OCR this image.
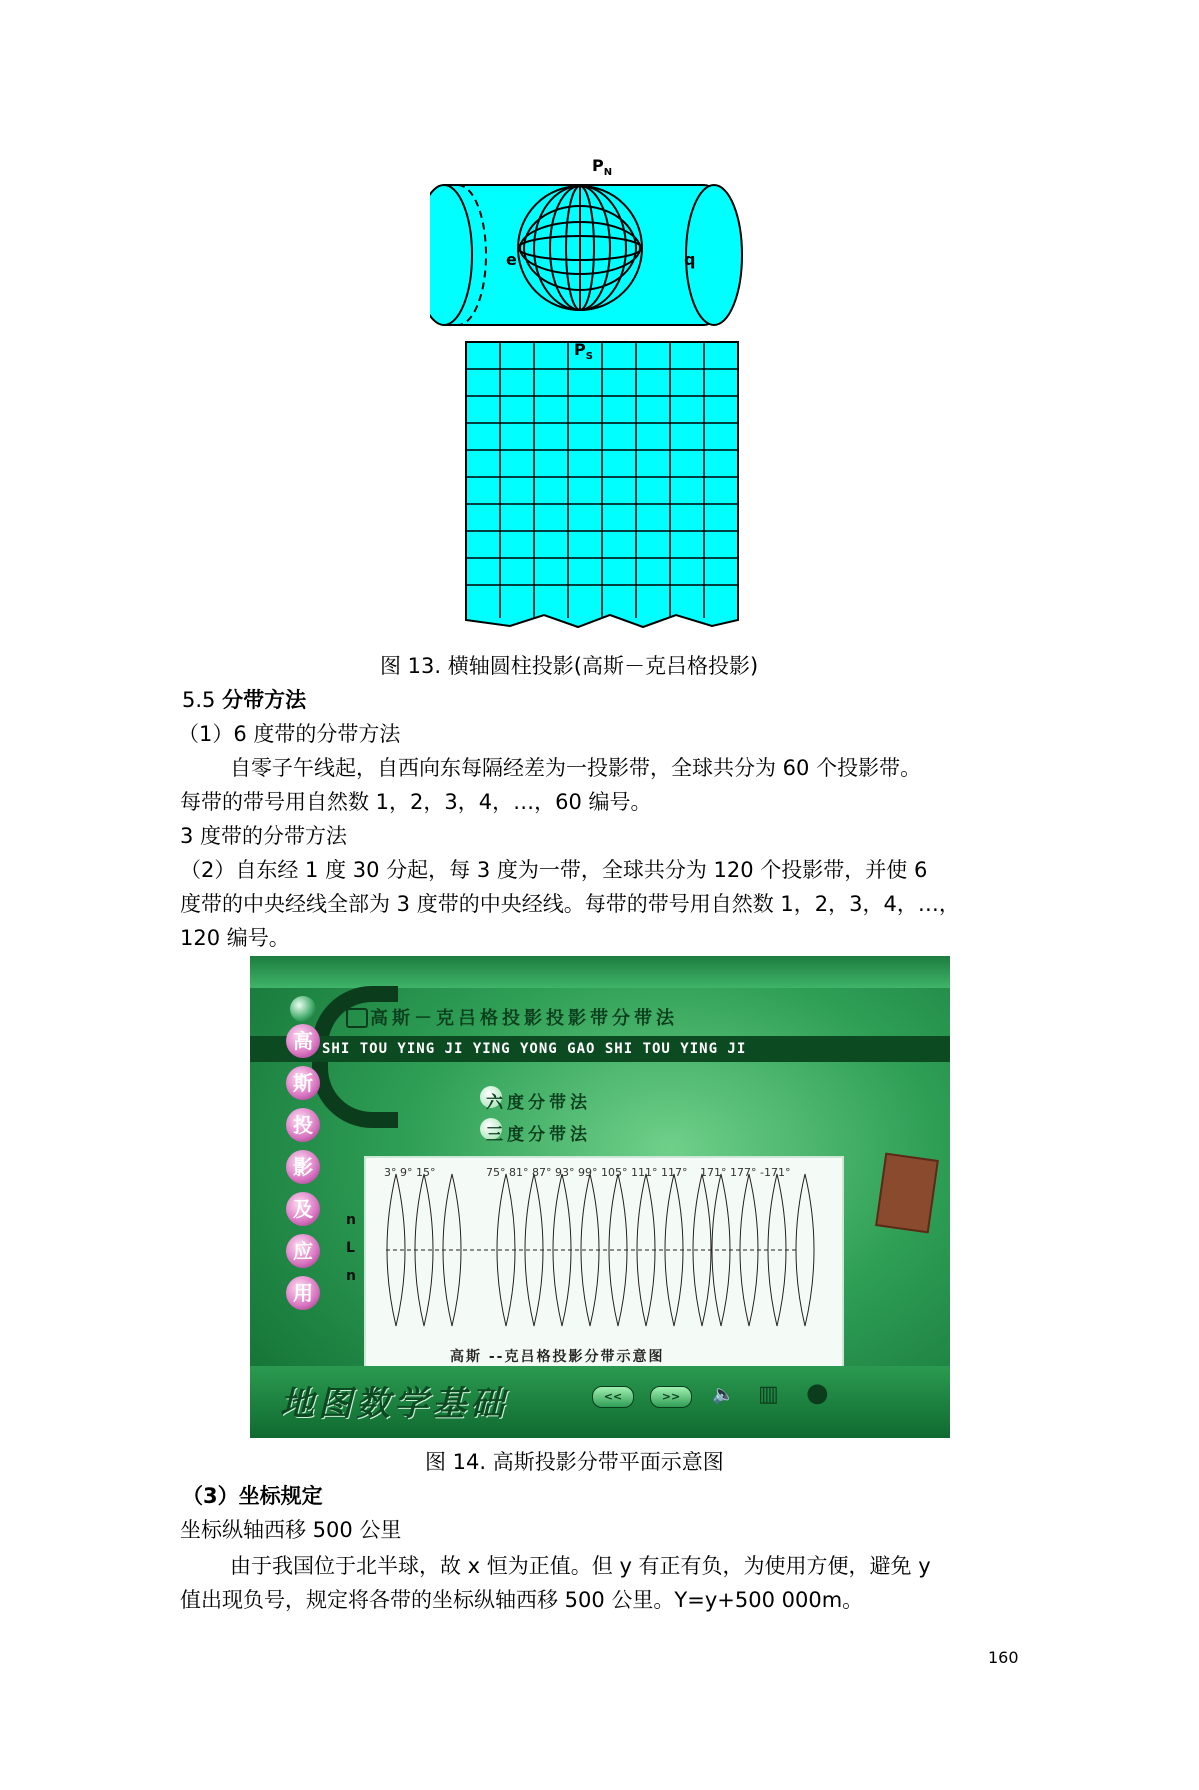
$P_N$
$P_S$
e	q
图 13. 横轴圆柱投影(高斯－克吕格投影)
5.5 分带方法
（1）6 度带的分带方法
自零子午线起，自西向东每隔经差为一投影带，全球共分为 60 个投影带。
每带的带号用自然数 1，2，3，4，…，60 编号。
3 度带的分带方法
（2）自东经 1 度 30 分起，每 3 度为一带，全球共分为 120 个投影带，并使 6
度带的中央经线全部为 3 度带的中央经线。每带的带号用自然数 1，2，3，4，…，
120 编号。
高斯－克吕格投影投影带分带法
SHI TOU YING JI YING YONG GAO SHI TOU YING JI
高
斯
投
影
及
应
用
六度分带法
三度分带法
3° 9° 15°	75° 81° 87° 93° 99° 105° 111° 117° 171° 177° -171°
n
L
n
高斯 --克吕格投影分带示意图
地图数学基础	<<	>>	🔈 ▥ ●
图 14. 高斯投影分带平面示意图
（3）坐标规定
坐标纵轴西移 500 公里
由于我国位于北半球，故 x 恒为正值。但 y 有正有负，为使用方便，避免 y
值出现负号，规定将各带的坐标纵轴西移 500 公里。Y=y+500 000m。
160
